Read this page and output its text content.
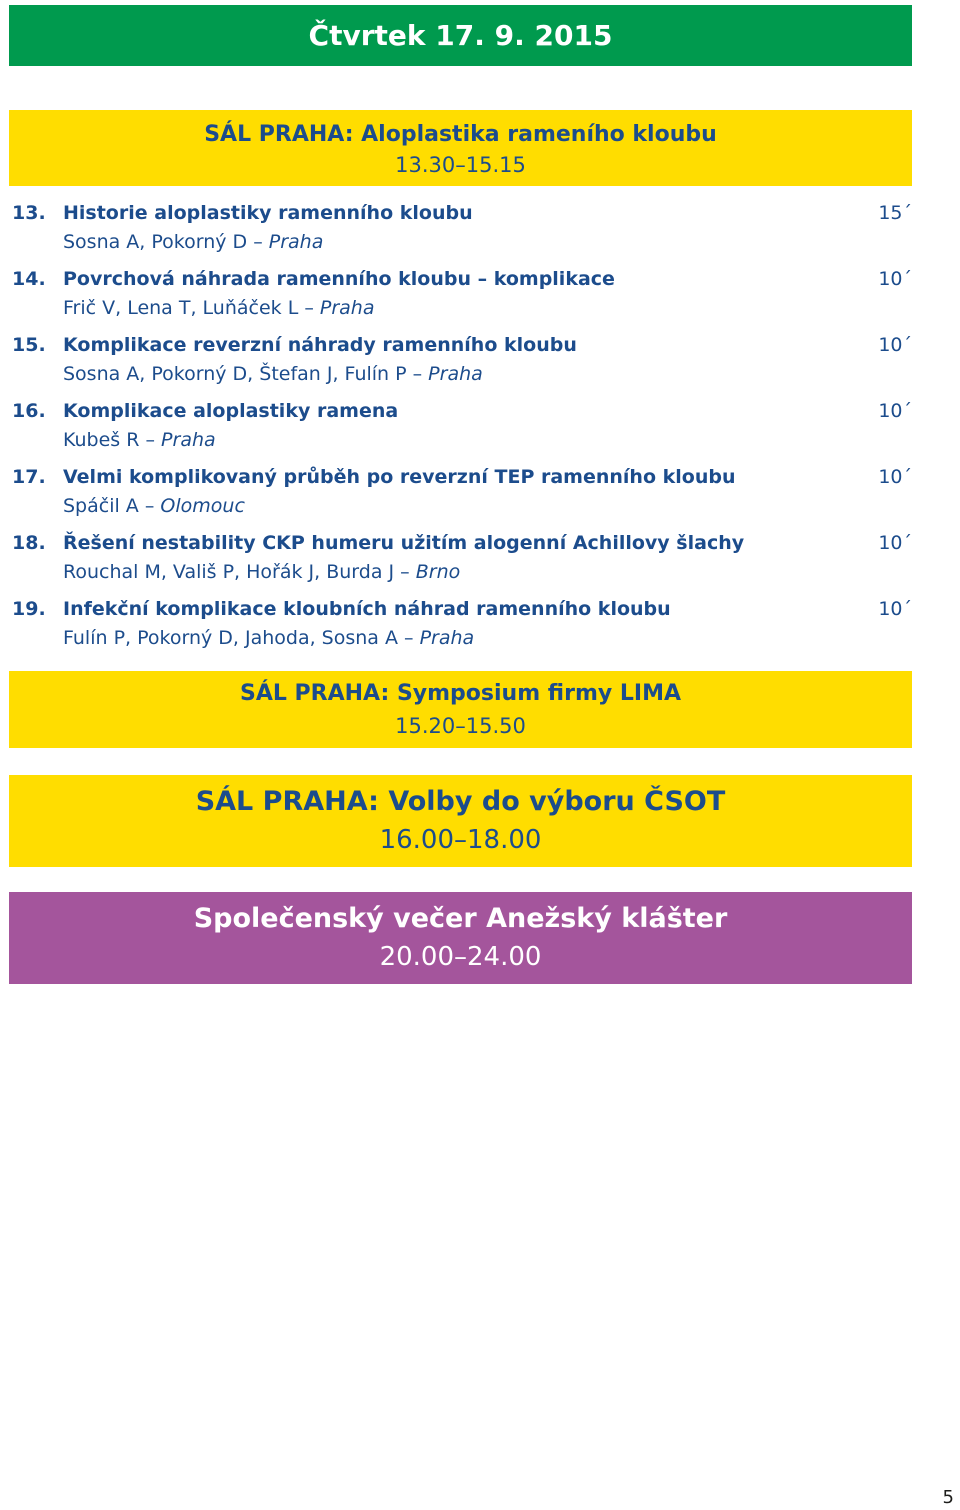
Čtvrtek 17. 9. 2015
SÁL PRAHA: Aloplastika rameního kloubu
13.30–15.15
13. Historie aloplastiky ramenního kloubu
Sosna A, Pokorný D – Praha
15´
14. Povrchová náhrada ramenního kloubu – komplikace
Frič V, Lena T, Luňáček L – Praha
10´
15. Komplikace reverzní náhrady ramenního kloubu
Sosna A, Pokorný D, Štefan J, Fulín P – Praha
10´
16. Komplikace aloplastiky ramena
Kubeš R – Praha
10´
17. Velmi komplikovaný průběh po reverzní TEP ramenního kloubu
Spáčil A – Olomouc
10´
18. Řešení nestability CKP humeru užitím alogenní Achillovy šlachy
Rouchal M, Vališ P, Hořák J, Burda J – Brno
10´
19. Infekční komplikace kloubních náhrad ramenního kloubu
Fulín P, Pokorný D, Jahoda, Sosna A – Praha
10´
SÁL PRAHA: Symposium firmy LIMA
15.20–15.50
SÁL PRAHA: Volby do výboru ČSOT
16.00–18.00
Společenský večer Anežský klášter
20.00–24.00
5
